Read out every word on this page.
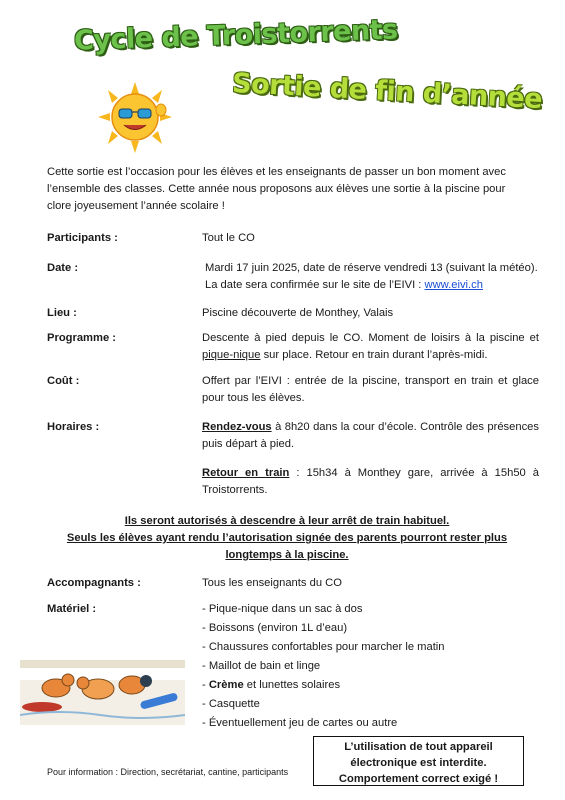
Cycle de Troistorrents
Sortie de fin d’année
Cette sortie est l’occasion pour les élèves et les enseignants de passer un bon moment avec l’ensemble des classes. Cette année nous proposons aux élèves une sortie à la piscine pour clore joyeusement l’année scolaire !
Participants :	Tout le CO
Date :	Mardi 17 juin 2025, date de réserve vendredi 13 (suivant la météo).
La date sera confirmée sur le site de l’EIVI : www.eivi.ch
Lieu :	Piscine découverte de Monthey, Valais
Programme :	Descente à pied depuis le CO. Moment de loisirs à la piscine et pique-nique sur place. Retour en train durant l’après-midi.
Coût :	Offert par l’EIVI : entrée de la piscine, transport en train et glace pour tous les élèves.
Horaires :	Rendez-vous à 8h20 dans la cour d’école. Contrôle des présences puis départ à pied.
Retour en train : 15h34 à Monthey gare, arrivée à 15h50 à Troistorrents.
Ils seront autorisés à descendre à leur arrêt de train habituel.
Seuls les élèves ayant rendu l’autorisation signée des parents pourront rester plus longtemps à la piscine.
Accompagnants :	Tous les enseignants du CO
Matériel :	- Pique-nique dans un sac à dos
- Boissons (environ 1L d’eau)
- Chaussures confortables pour marcher le matin
- Maillot de bain et linge
- Crème et lunettes solaires
- Casquette
- Éventuellement jeu de cartes ou autre
L’utilisation de tout appareil
électronique est interdite.
Comportement correct exigé !
Pour information : Direction, secrétariat, cantine, participants
